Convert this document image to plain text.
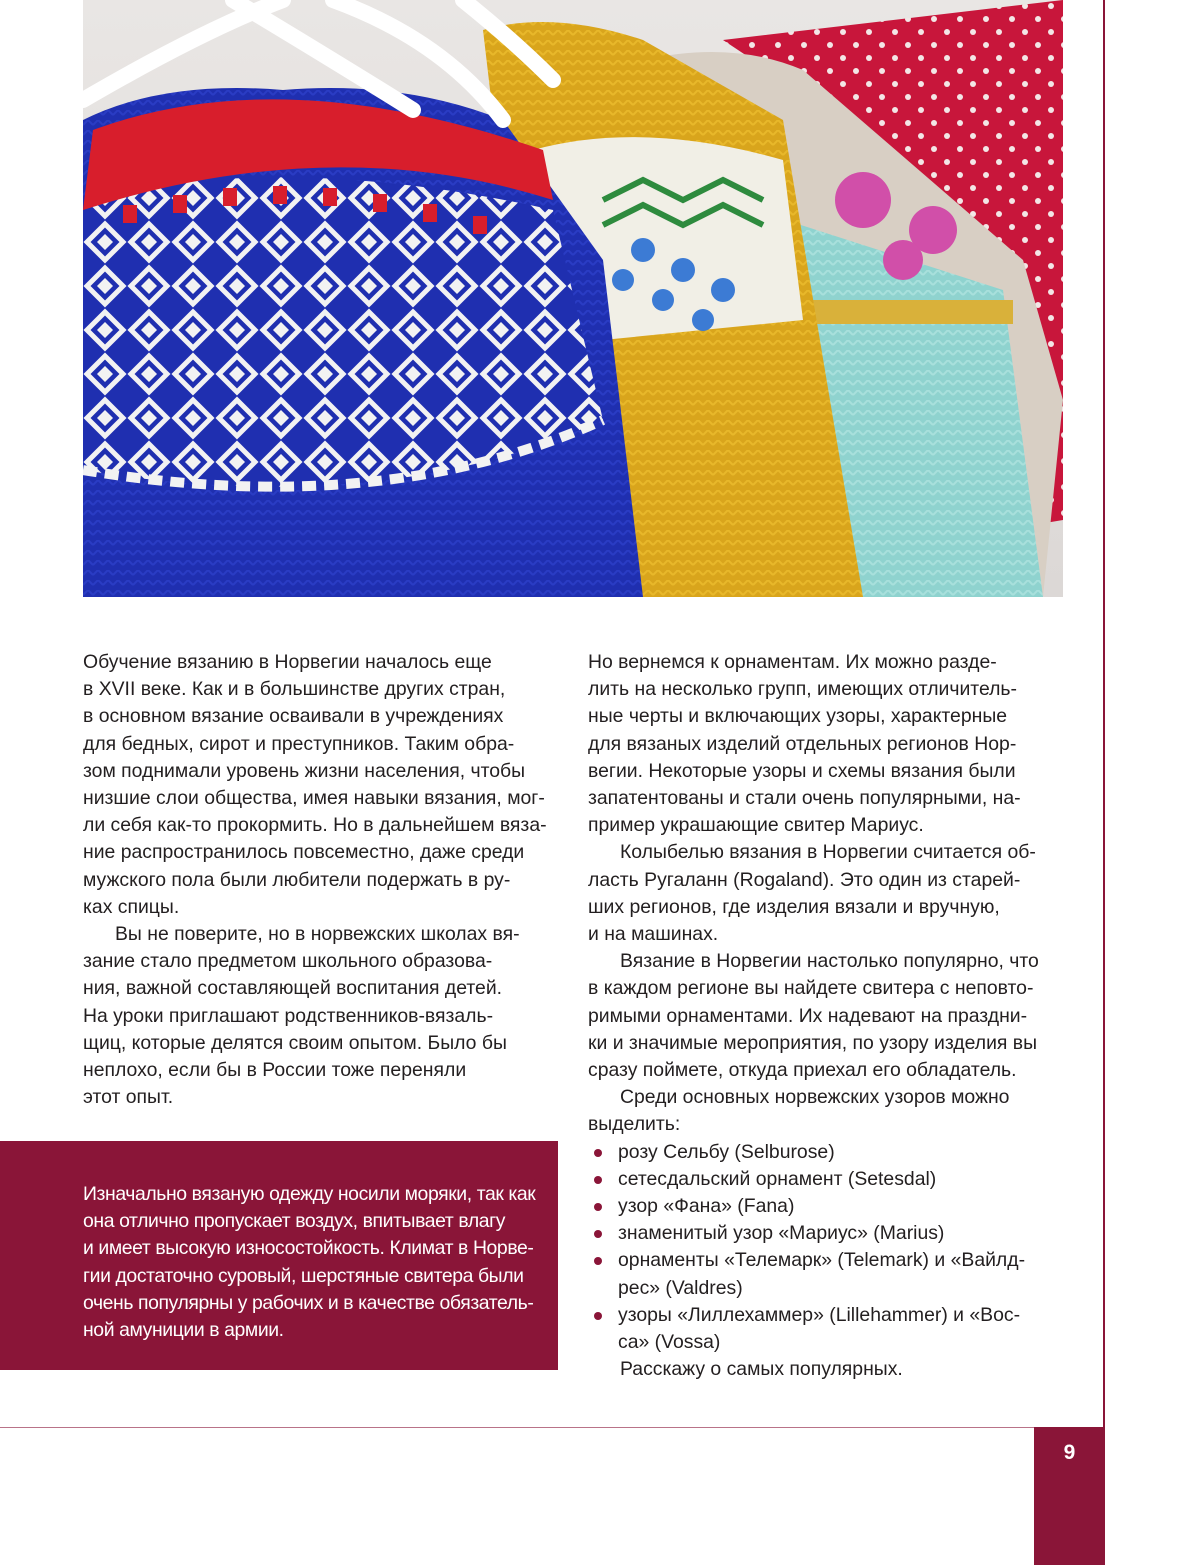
Обучение вязанию в Норвегии началось еще
в XVII веке. Как и в большинстве других стран,
в основном вязание осваивали в учреждениях
для бедных, сирот и преступников. Таким обра-
зом поднимали уровень жизни населения, чтобы
низшие слои общества, имея навыки вязания, мог-
ли себя как-то прокормить. Но в дальнейшем вяза-
ние распространилось повсеместно, даже среди
мужского пола были любители подержать в ру-
ках спицы.
Вы не поверите, но в норвежских школах вя-
зание стало предметом школьного образова-
ния, важной составляющей воспитания детей.
На уроки приглашают родственников-вязаль-
щиц, которые делятся своим опытом. Было бы
неплохо, если бы в России тоже переняли
этот опыт.
Изначально вязаную одежду носили моряки, так как
она отлично пропускает воздух, впитывает влагу
и имеет высокую износостойкость. Климат в Норве-
гии достаточно суровый, шерстяные свитера были
очень популярны у рабочих и в качестве обязатель-
ной амуниции в армии.
Но вернемся к орнаментам. Их можно разде-
лить на несколько групп, имеющих отличитель-
ные черты и включающих узоры, характерные
для вязаных изделий отдельных регионов Нор-
вегии. Некоторые узоры и схемы вязания были
запатентованы и стали очень популярными, на-
пример украшающие свитер Мариус.
Колыбелью вязания в Норвегии считается об-
ласть Ругаланн (Rogaland). Это один из старей-
ших регионов, где изделия вязали и вручную,
и на машинах.
Вязание в Норвегии настолько популярно, что
в каждом регионе вы найдете свитера с неповто-
римыми орнаментами. Их надевают на праздни-
ки и значимые мероприятия, по узору изделия вы
сразу поймете, откуда приехал его обладатель.
Среди основных норвежских узоров можно
выделить:
розу Сельбу (Selburose)
сетесдальский орнамент (Setesdal)
узор «Фана» (Fana)
знаменитый узор «Мариус» (Marius)
орнаменты «Телемарк» (Telemark) и «Вайлд-
рес» (Valdres)
узоры «Лиллехаммер» (Lillehammer) и «Вос-
са» (Vossa)
Расскажу о самых популярных.
9
